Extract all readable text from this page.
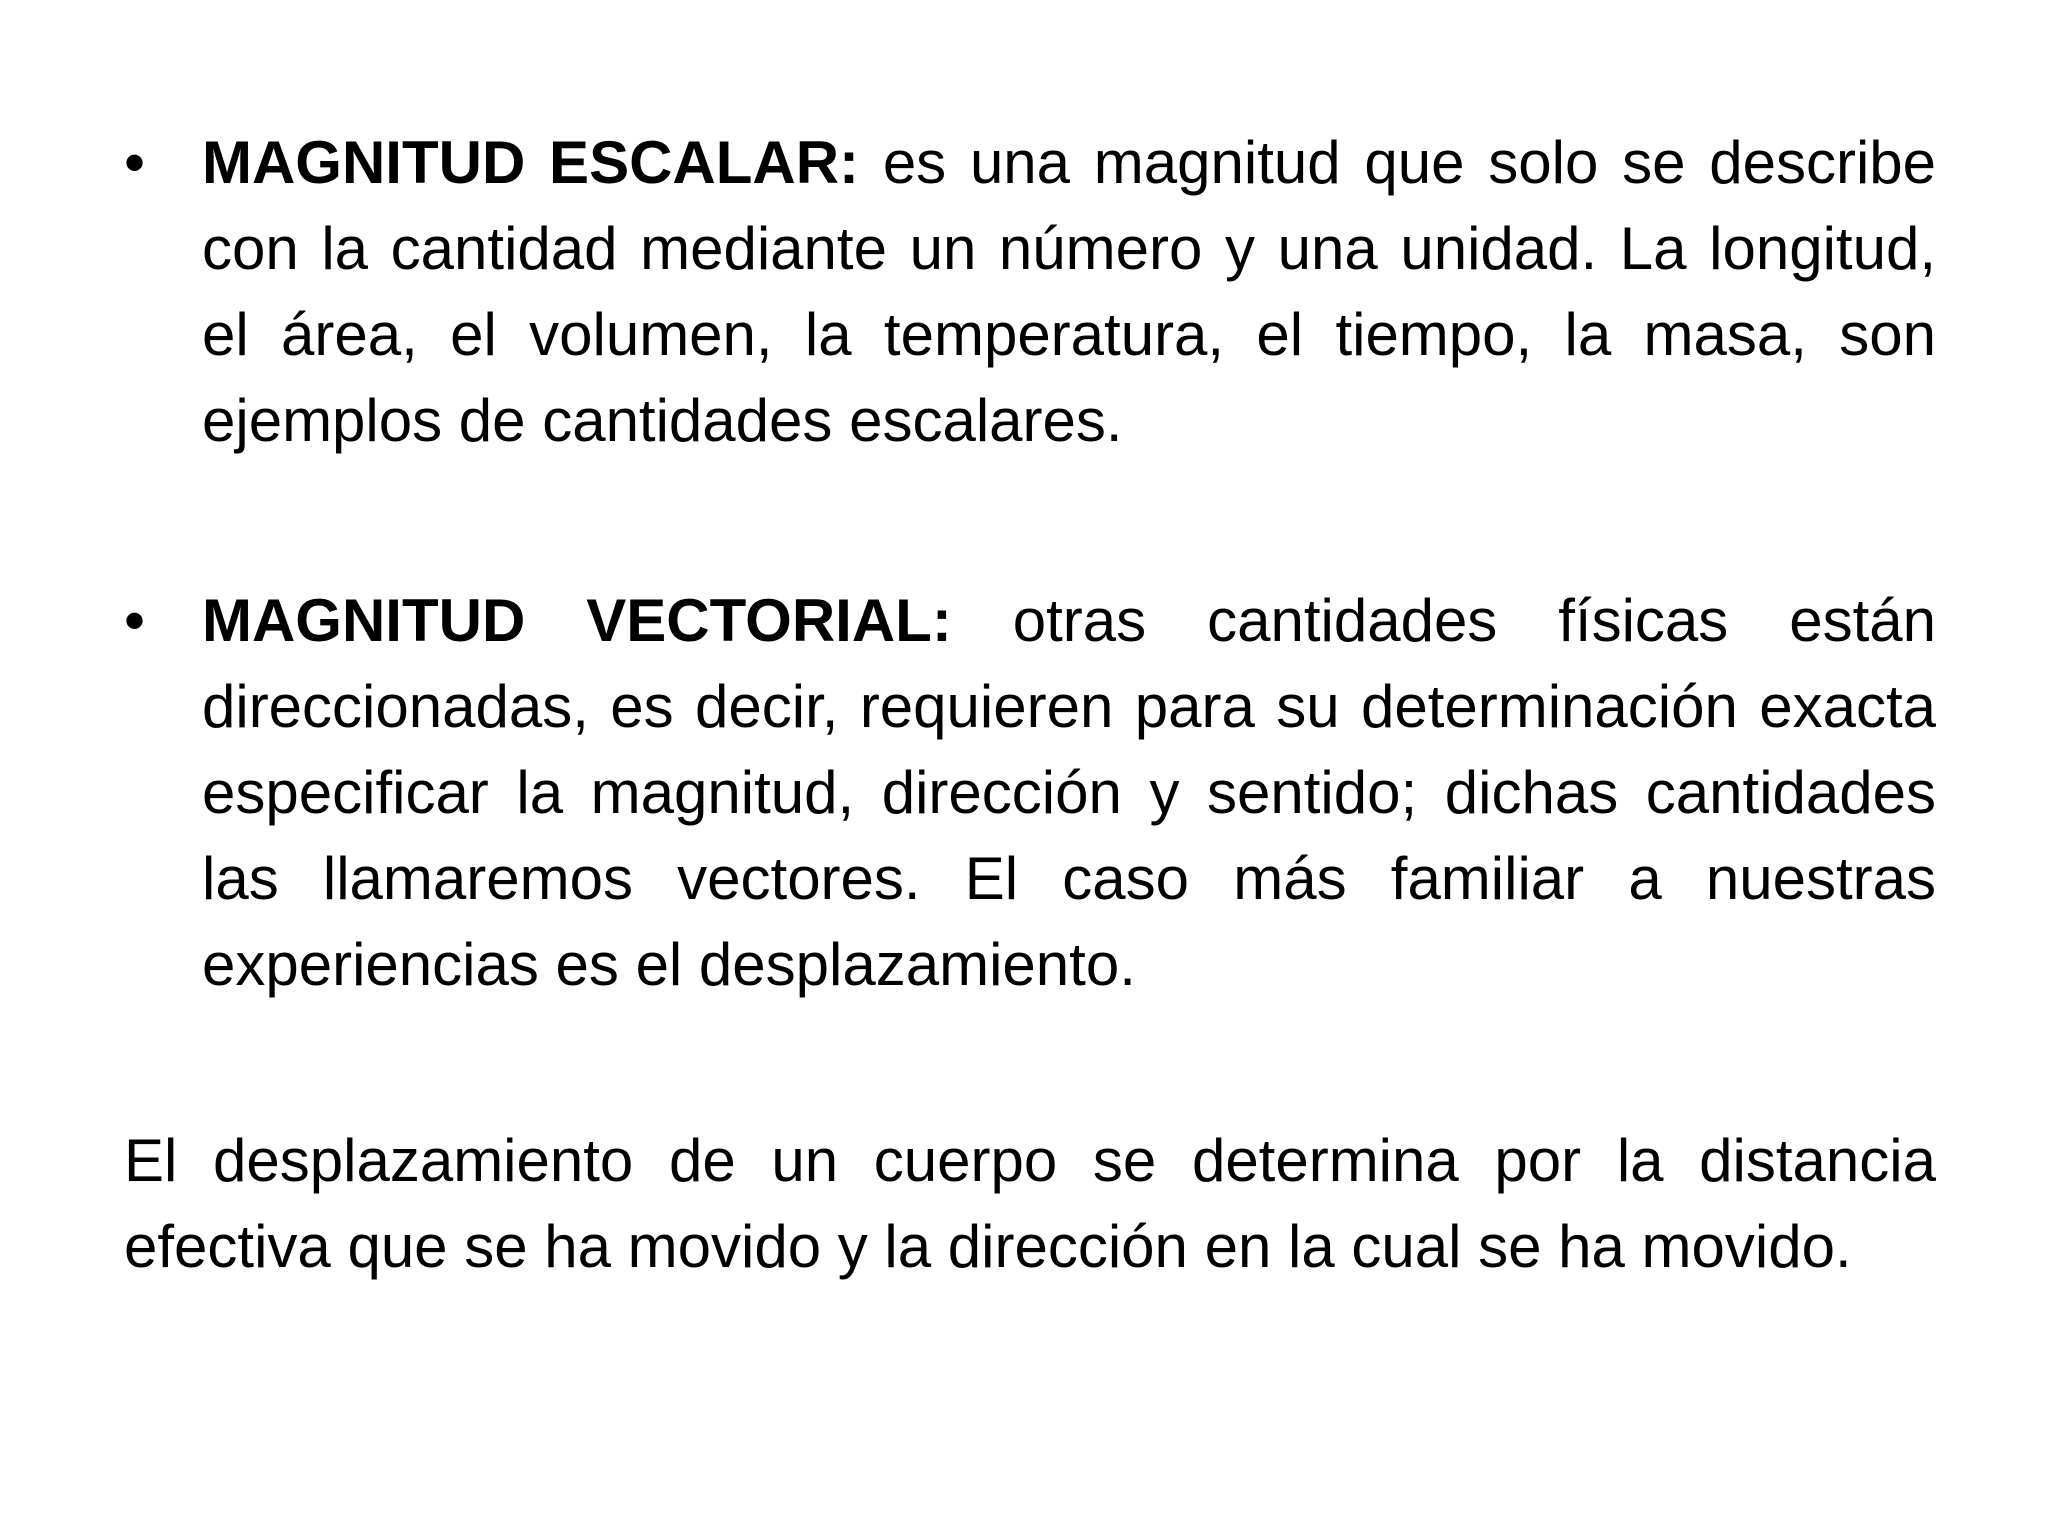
• MAGNITUD ESCALAR: es una magnitud que solo se describe con la cantidad mediante un número y una unidad. La longitud, el área, el volumen, la temperatura, el tiempo, la masa, son ejemplos de cantidades escalares.

• MAGNITUD VECTORIAL: otras cantidades físicas están direccionadas, es decir, requieren para su determinación exacta especificar la magnitud, dirección y sentido; dichas cantidades las llamaremos vectores. El caso más familiar a nuestras experiencias es el desplazamiento.

El desplazamiento de un cuerpo se determina por la distancia efectiva que se ha movido y la dirección en la cual se ha movido.
